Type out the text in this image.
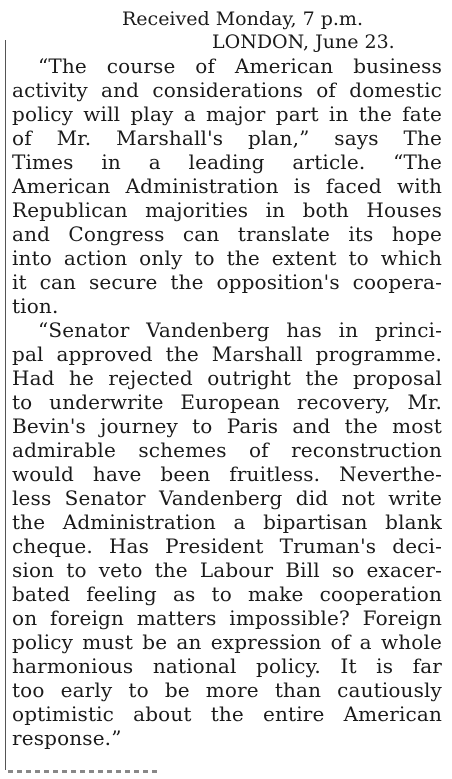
Received Monday, 7 p.m.
LONDON, June 23.
“The course of American business
activity and considerations of domestic
policy will play a major part in the fate
of Mr. Marshall's plan,” says The
Times in a leading article. “The
American Administration is faced with
Republican majorities in both Houses
and Congress can translate its hope
into action only to the extent to which
it can secure the opposition's coopera-
tion.
“Senator Vandenberg has in princi-
pal approved the Marshall programme.
Had he rejected outright the proposal
to underwrite European recovery, Mr.
Bevin's journey to Paris and the most
admirable schemes of reconstruction
would have been fruitless. Neverthe-
less Senator Vandenberg did not write
the Administration a bipartisan blank
cheque. Has President Truman's deci-
sion to veto the Labour Bill so exacer-
bated feeling as to make cooperation
on foreign matters impossible? Foreign
policy must be an expression of a whole
harmonious national policy. It is far
too early to be more than cautiously
optimistic about the entire American
response.”
